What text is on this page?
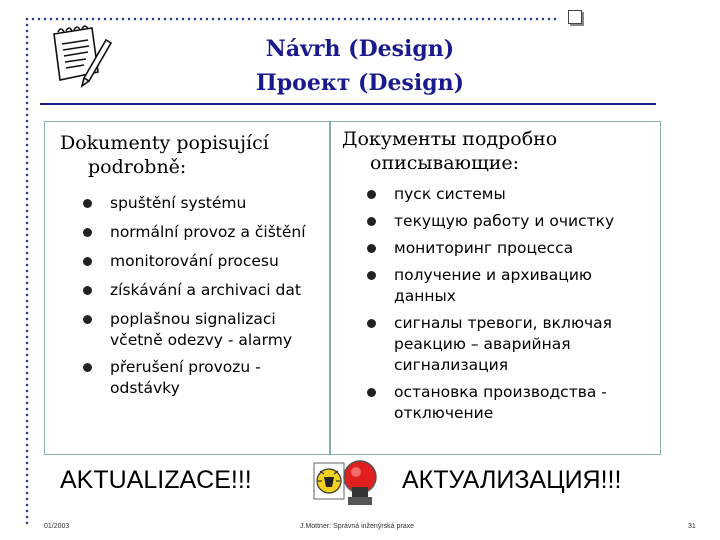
Návrh (Design)
Проект (Design)
Dokumenty popisující
podrobně:
Документы подробно
описывающие:
spuštění systému
normální provoz a čištění
monitorování procesu
získávání a archivaci dat
poplašnou signalizaci
včetně odezvy - alarmy
přerušení provozu -
odstávky
пуск системы
текущую работу и очистку
мониторинг процесса
получение и архивацию
данных
сигналы тревоги, включая
реакцию – аварийная
сигнализация
остановка производства -
отключение
AKTUALIZACE!!!	АКТУАЛИЗАЦИЯ!!!
01/2003	J.Mottner: Správná inženýrská praxe	31
